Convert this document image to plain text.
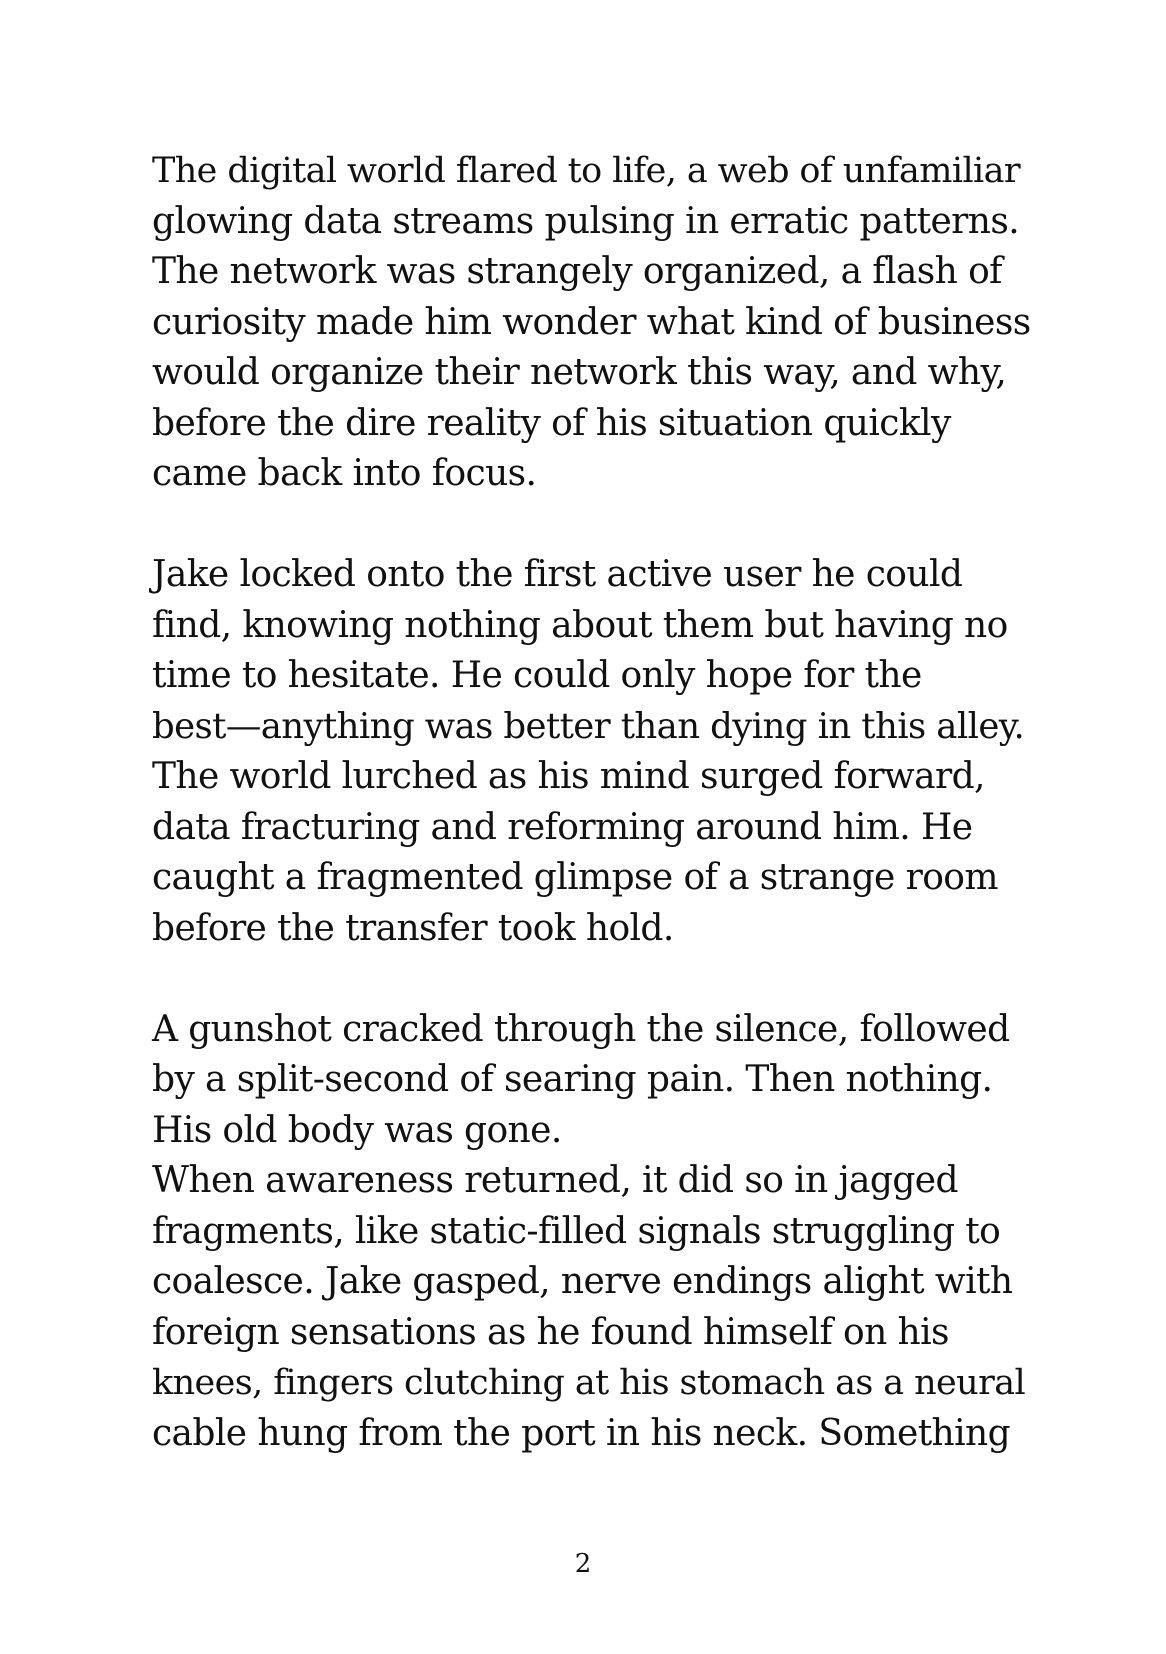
The digital world flared to life, a web of unfamiliar
glowing data streams pulsing in erratic patterns.
The network was strangely organized, a flash of
curiosity made him wonder what kind of business
would organize their network this way, and why,
before the dire reality of his situation quickly
came back into focus.
Jake locked onto the first active user he could
find, knowing nothing about them but having no
time to hesitate. He could only hope for the
best—anything was better than dying in this alley.
The world lurched as his mind surged forward,
data fracturing and reforming around him. He
caught a fragmented glimpse of a strange room
before the transfer took hold.
A gunshot cracked through the silence, followed
by a split-second of searing pain. Then nothing.
His old body was gone.
When awareness returned, it did so in jagged
fragments, like static-filled signals struggling to
coalesce. Jake gasped, nerve endings alight with
foreign sensations as he found himself on his
knees, fingers clutching at his stomach as a neural
cable hung from the port in his neck. Something
2
